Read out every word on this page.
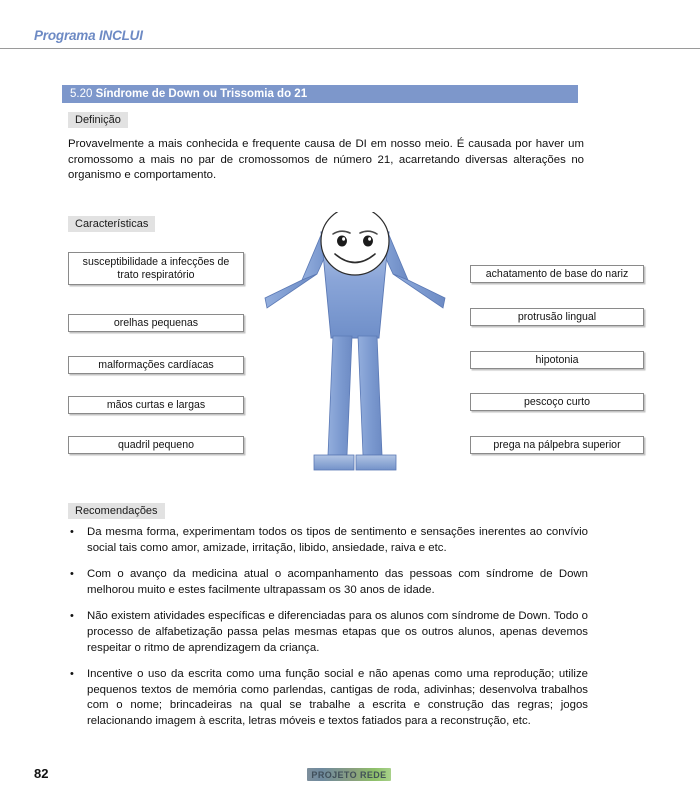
Programa INCLUI
5.20 Síndrome de Down ou Trissomia do 21
Definição
Provavelmente a mais conhecida e frequente causa de DI em nosso meio. É causada por haver um cromossomo a mais no par de cromossomos de número 21, acarretando diversas alterações no organismo e comportamento.
Características
susceptibilidade a infecções de trato respiratório
orelhas pequenas
malformações cardíacas
mãos curtas e largas
quadril pequeno
achatamento de base do nariz
protrusão lingual
hipotonia
pescoço curto
prega na pálpebra superior
Recomendações
• Da mesma forma, experimentam todos os tipos de sentimento e sensações inerentes ao convívio social tais como amor, amizade, irritação, libido, ansiedade, raiva e etc.
• Com o avanço da medicina atual o acompanhamento das pessoas com síndrome de Down melhorou muito e estes facilmente ultrapassam os 30 anos de idade.
• Não existem atividades específicas e diferenciadas para os alunos com síndrome de Down. Todo o processo de alfabetização passa pelas mesmas etapas que os outros alunos, apenas devemos respeitar o ritmo de aprendizagem da criança.
• Incentive o uso da escrita como uma função social e não apenas como uma reprodução; utilize pequenos textos de memória como parlendas, cantigas de roda, adivinhas; desenvolva trabalhos com o nome; brincadeiras na qual se trabalhe a escrita e construção das regras; jogos relacionando imagem à escrita, letras móveis e textos fatiados para a reconstrução, etc.
82	PROJETO REDE
